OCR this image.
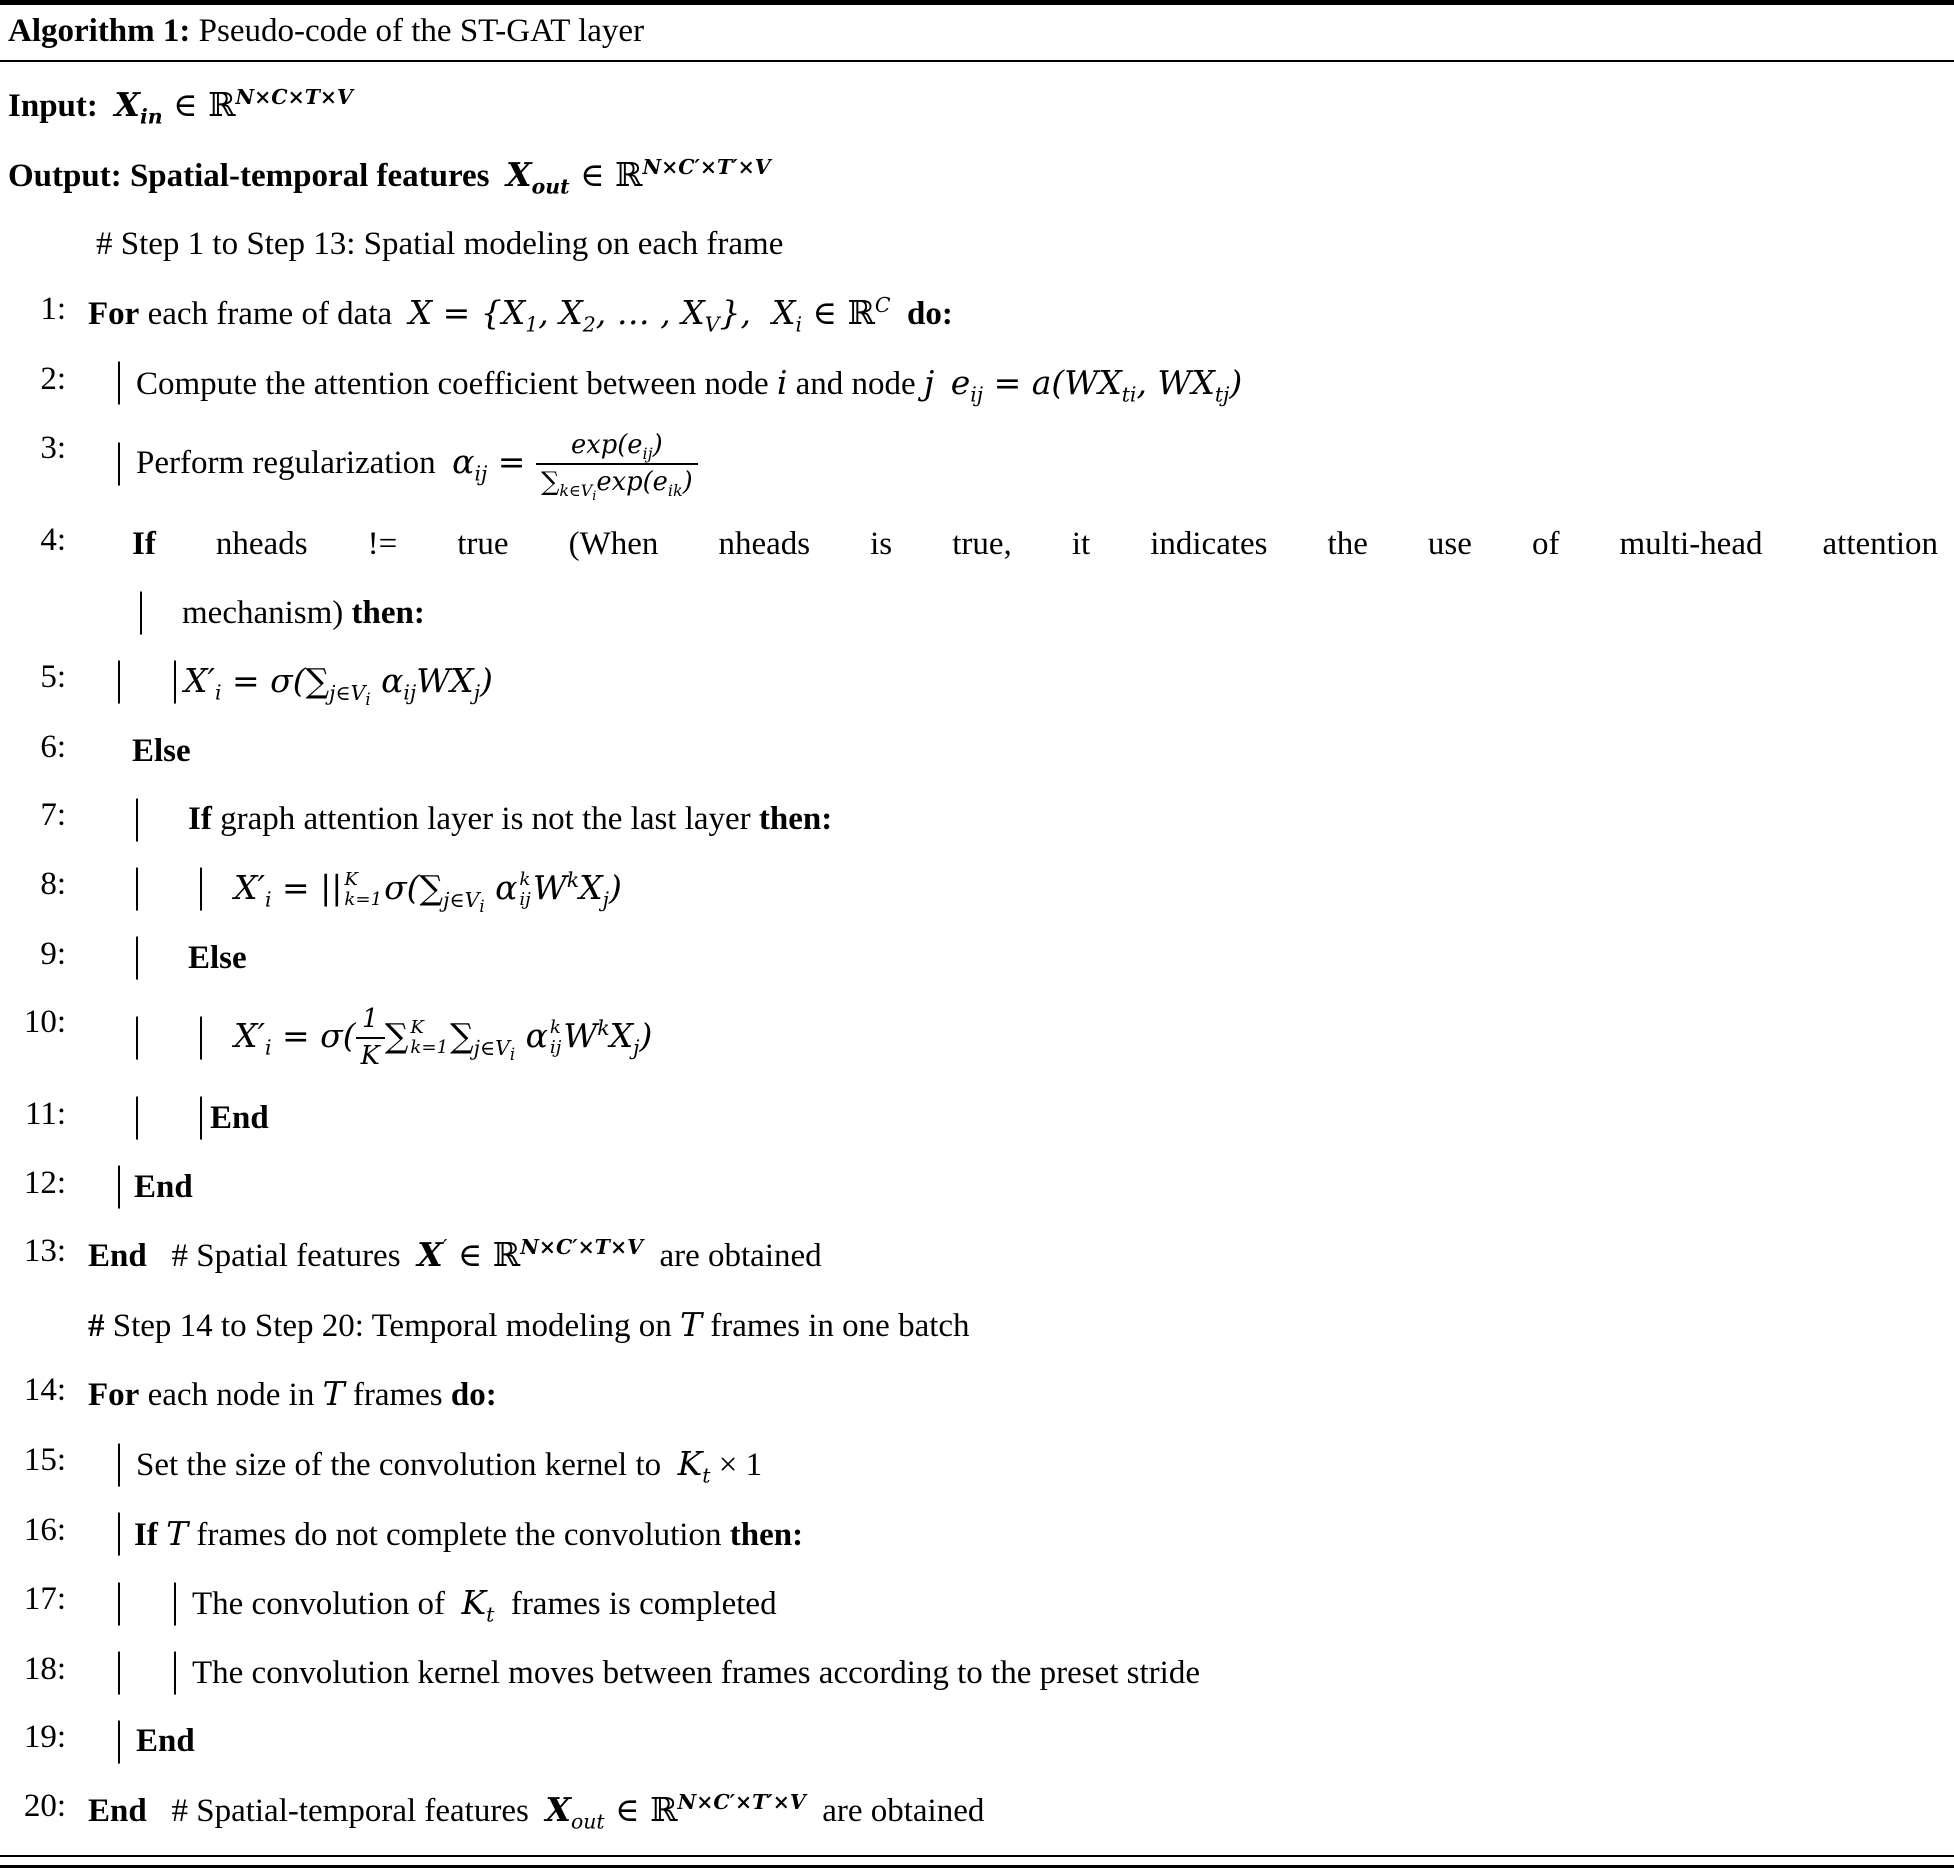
Algorithm 1: Pseudo-code of the ST-GAT layer
Input: $X_{in}$ ∈ ℝ$^{N\times C\times T\times V}$
Output: Spatial-temporal features $X_{out}$ ∈ ℝ$^{N\times C'\times T'\times V}$
# Step 1 to Step 13: Spatial modeling on each frame
1: For each frame of data  $X = \{X_1$, $X_2$, … , $X_V$},  $X_i$ ∈ ℝ$^C$ do:
2:	Compute the attention coefficient between node i and node j $e_{ij} = a(WX_{ti}$, $WX_{tj}$)
3:	Perform regularization  $\alpha_{ij} = \frac{\exp(e_{ij})}{\sum_{k\in V_i}\exp(e_{ik})}$
4:	If nheads != true (When nheads is true, it indicates the use of multi-head attention
mechanism) then:
5:	$X'_i = \sigma(\sum_{j\in V_i}$ $\alpha_{ij}WX_j$)
6:	Else
7:	If graph attention layer is not the last layer then:
8:	$X'_i$ = || K
k=1 $\sigma(\sum_{j\in V_i}$ α k
ij $W^kX_j$)
9:	Else
10:	$X'_i = \sigma( \frac{1}{K}$ ∑ K
k=1 $\sum_{j\in V_i}$ α k
ij $W^kX_j$)
11:	End
12:	End
13: End   # Spatial features  X′ ∈ ℝ$^{N\times C'\times T\times V}$  are obtained
# Step 14 to Step 20: Temporal modeling on T frames in one batch
14: For each node in T frames do:
15:	Set the size of the convolution kernel to  $K_t \times 1$
16:	If T frames do not complete the convolution then:
17:	The convolution of  $K_t$  frames is completed
18:	The convolution kernel moves between frames according to the preset stride
19:	End
20: End   # Spatial-temporal features  $X_{out}$ ∈ ℝ$^{N\times C'\times T'\times V}$  are obtained
